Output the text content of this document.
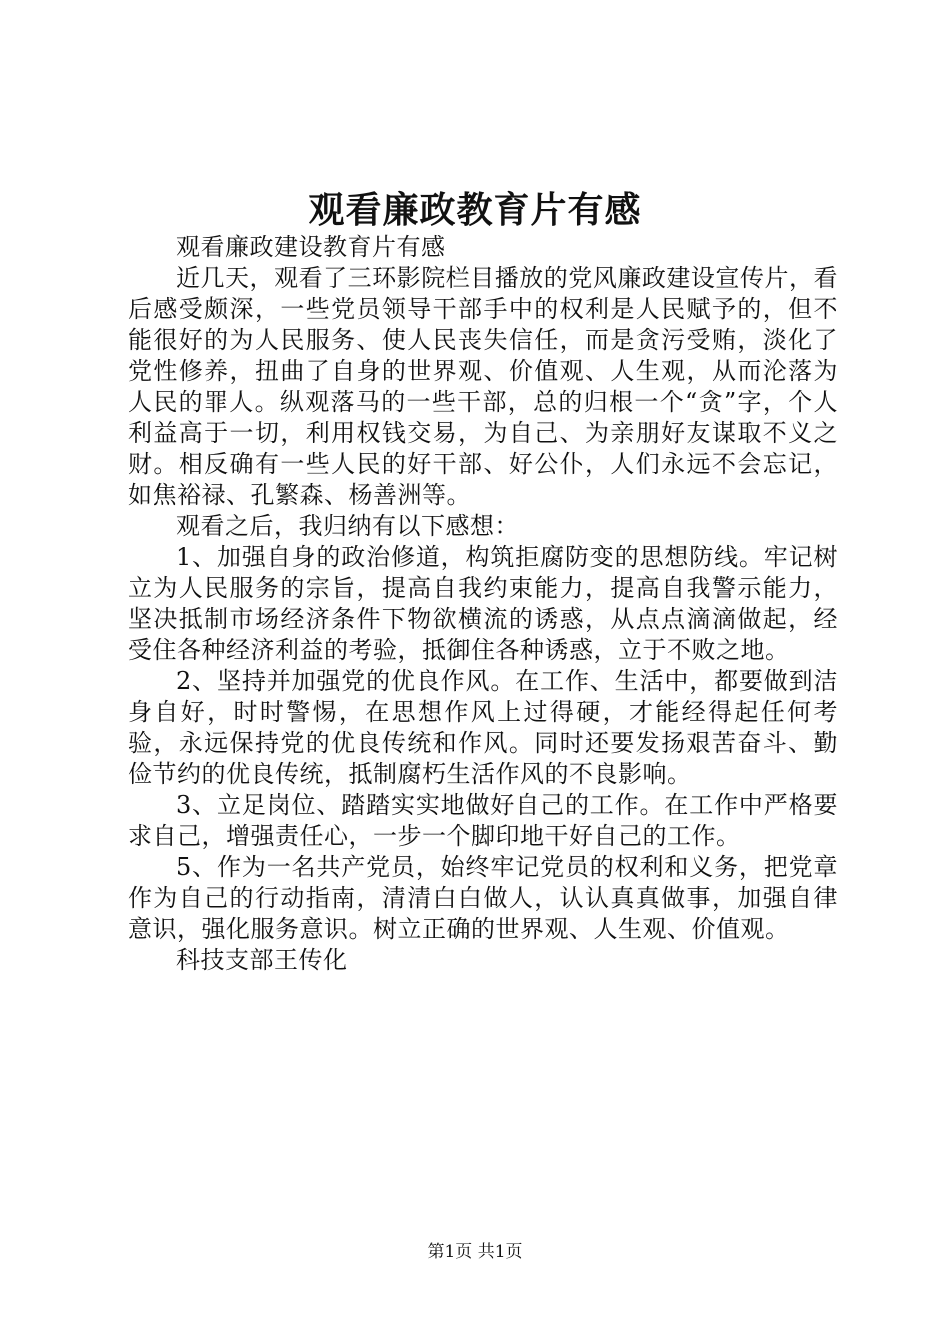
观看廉政教育片有感

观看廉政建设教育片有感

近几天，观看了三环影院栏目播放的党风廉政建设宣传片，看后感受颇深，一些党员领导干部手中的权利是人民赋予的，但不能很好的为人民服务、使人民丧失信任，而是贪污受贿，淡化了党性修养，扭曲了自身的世界观、价值观、人生观，从而沦落为人民的罪人。纵观落马的一些干部，总的归根一个“贪”字，个人利益高于一切，利用权钱交易，为自己、为亲朋好友谋取不义之财。相反确有一些人民的好干部、好公仆，人们永远不会忘记，如焦裕禄、孔繁森、杨善洲等。

观看之后，我归纳有以下感想：

1、加强自身的政治修道，构筑拒腐防变的思想防线。牢记树立为人民服务的宗旨，提高自我约束能力，提高自我警示能力，坚决抵制市场经济条件下物欲横流的诱惑，从点点滴滴做起，经受住各种经济利益的考验，抵御住各种诱惑，立于不败之地。

2、坚持并加强党的优良作风。在工作、生活中，都要做到洁身自好，时时警惕，在思想作风上过得硬，才能经得起任何考验，永远保持党的优良传统和作风。同时还要发扬艰苦奋斗、勤俭节约的优良传统，抵制腐朽生活作风的不良影响。

3、立足岗位、踏踏实实地做好自己的工作。在工作中严格要求自己，增强责任心，一步一个脚印地干好自己的工作。

5、作为一名共产党员，始终牢记党员的权利和义务，把党章作为自己的行动指南，清清白白做人，认认真真做事，加强自律意识，强化服务意识。树立正确的世界观、人生观、价值观。

科技支部王传化

第1页 共1页
